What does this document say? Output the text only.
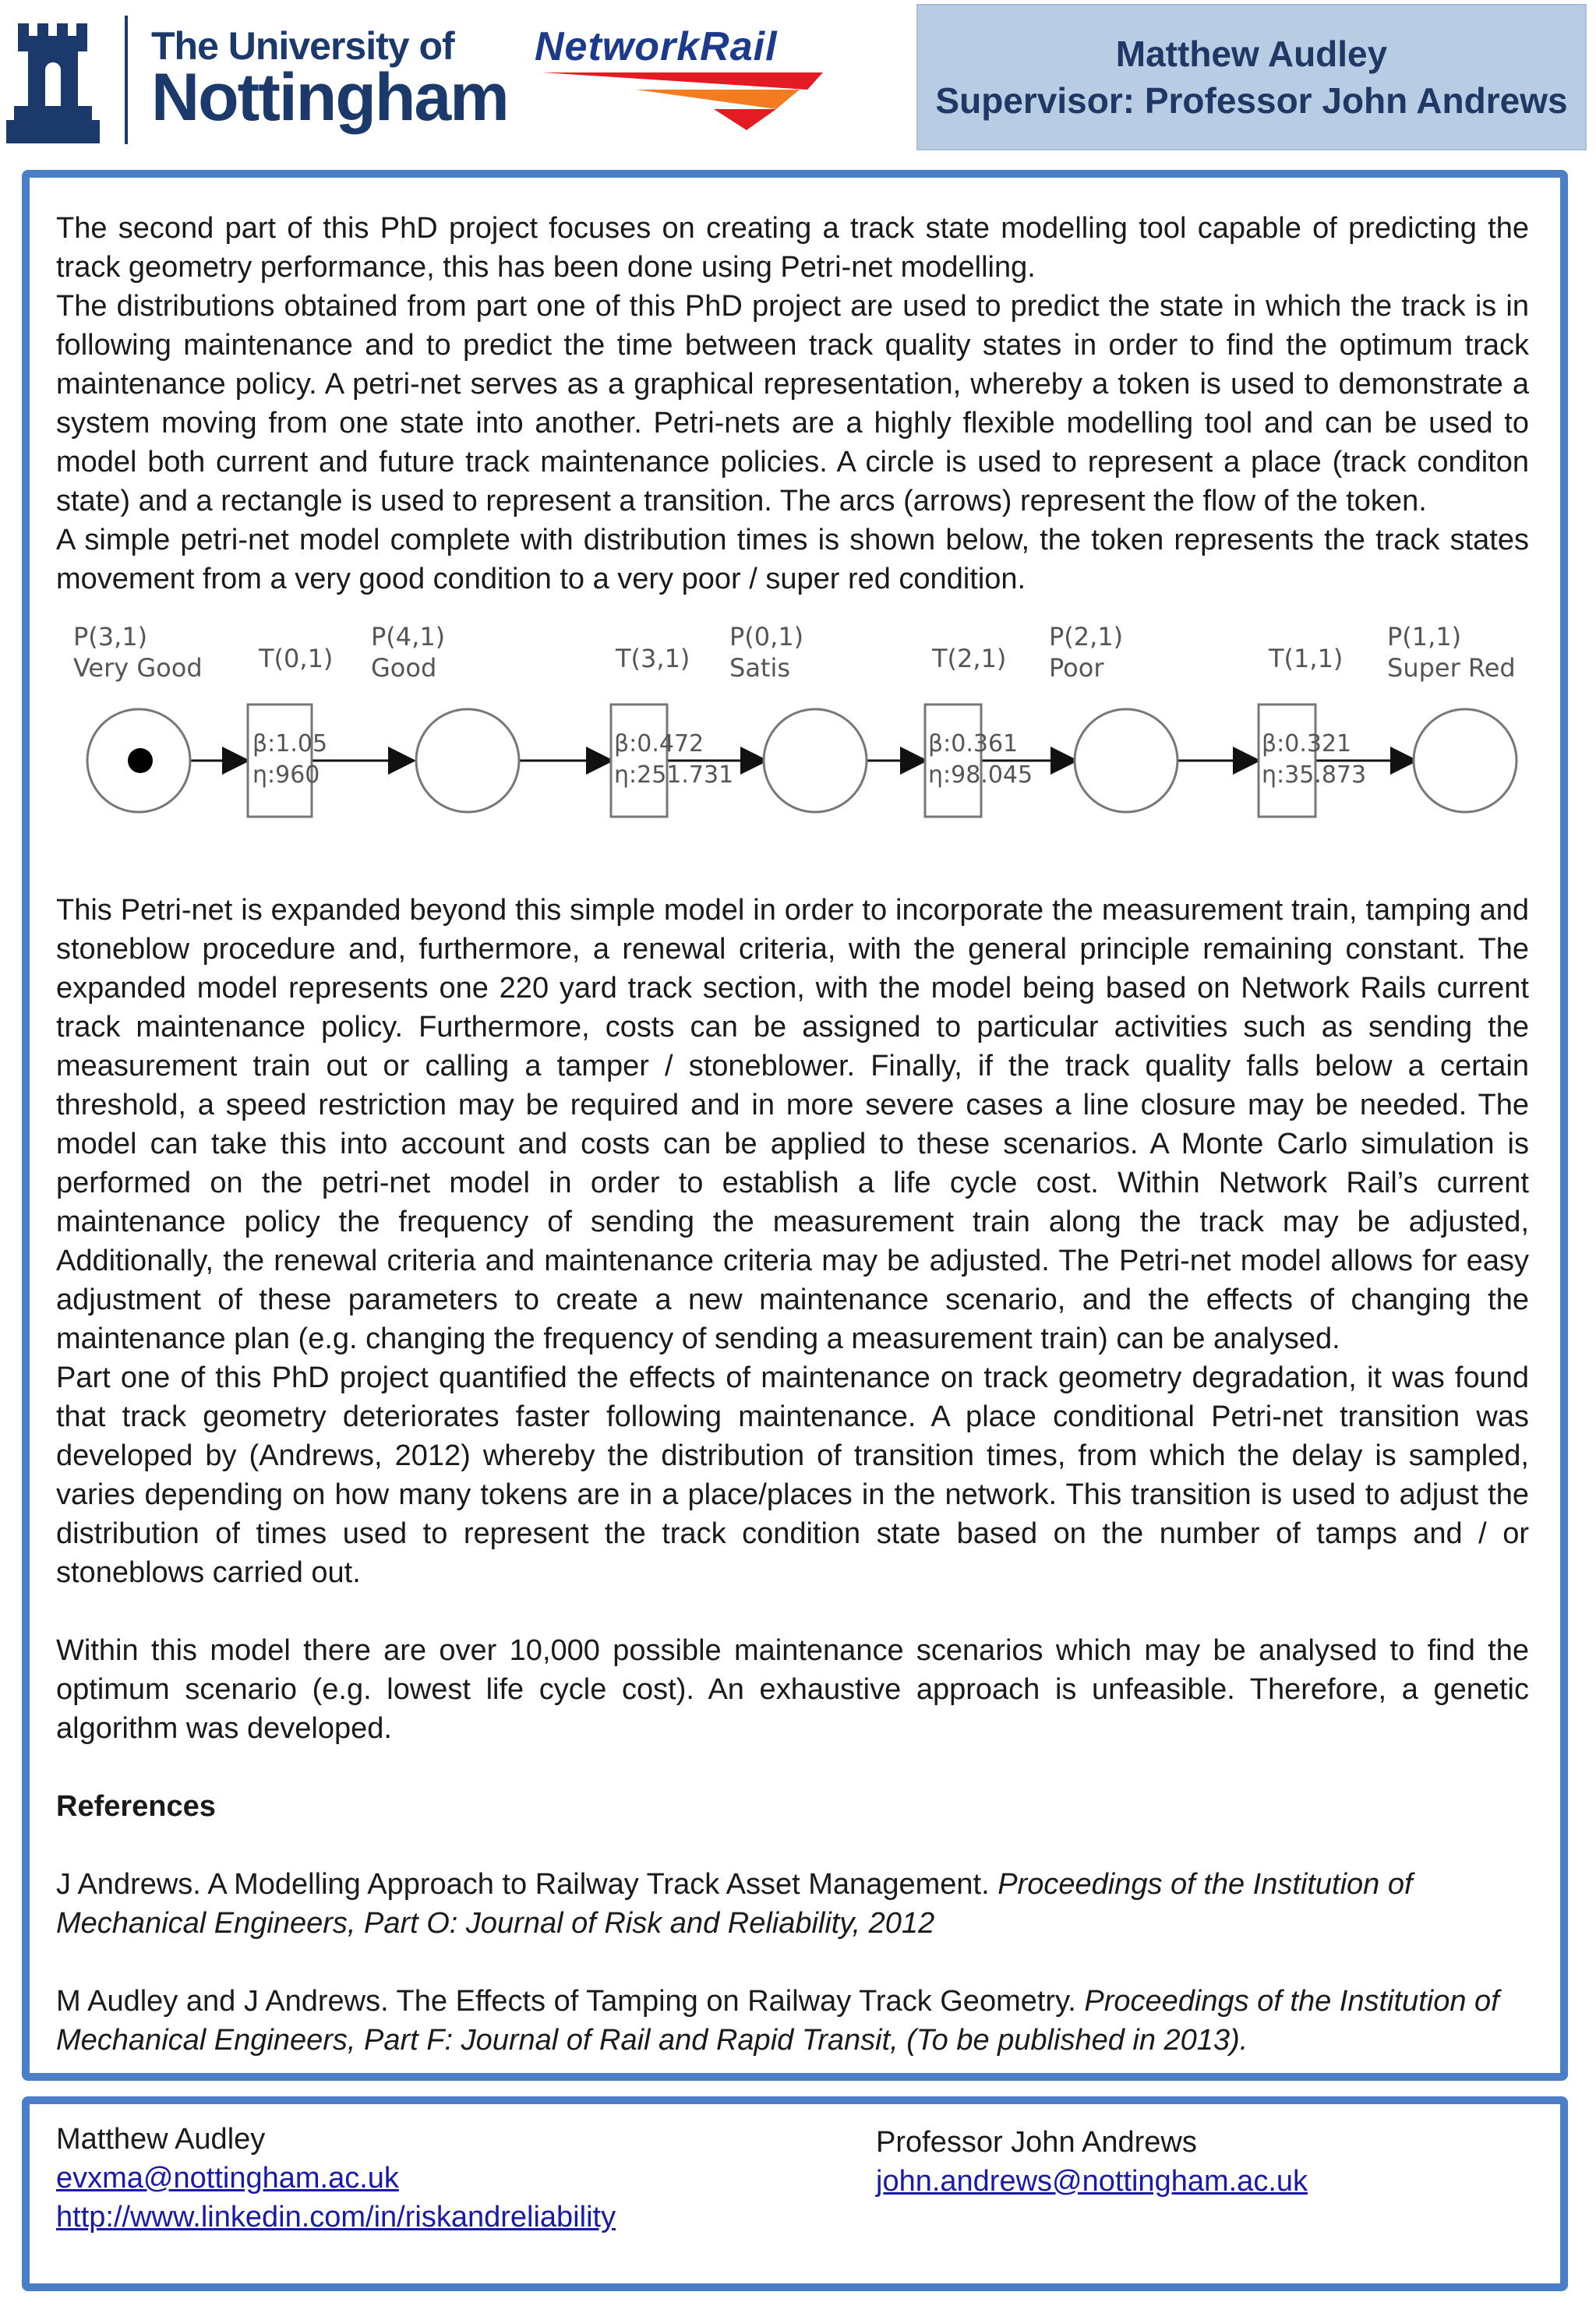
The University of
Nottingham
NetworkRail	Matthew Audley
Supervisor: Professor John Andrews

The second part of this PhD project focuses on creating a track state modelling tool capable of predicting the track geometry performance, this has been done using Petri-net modelling.

The distributions obtained from part one of this PhD project are used to predict the state in which the track is in following maintenance and to predict the time between track quality states in order to find the optimum track maintenance policy. A petri-net serves as a graphical representation, whereby a token is used to demonstrate a system moving from one state into another. Petri-nets are a highly flexible modelling tool and can be used to model both current and future track maintenance policies. A circle is used to represent a place (track conditon state) and a rectangle is used to represent a transition. The arcs (arrows) represent the flow of the token.

A simple petri-net model complete with distribution times is shown below, the token represents the track states movement from a very good condition to a very poor / super red condition.

P(3,1)
Very Good
P(4,1)
Good
P(0,1)
Satis
P(2,1)
Poor
P(1,1)
Super Red
T(0,1)	T(3,1)	T(2,1)	T(1,1)
β:1.05
η:960
β:0.472
η:251.731
β:0.361
η:98.045
β:0.321
η:35.873

This Petri-net is expanded beyond this simple model in order to incorporate the measurement train, tamping and stoneblow procedure and, furthermore, a renewal criteria, with the general principle remaining constant. The expanded model represents one 220 yard track section, with the model being based on Network Rails current track maintenance policy. Furthermore, costs can be assigned to particular activities such as sending the measurement train out or calling a tamper / stoneblower. Finally, if the track quality falls below a certain threshold, a speed restriction may be required and in more severe cases a line closure may be needed. The model can take this into account and costs can be applied to these scenarios. A Monte Carlo simulation is performed on the petri-net model in order to establish a life cycle cost. Within Network Rail’s current maintenance policy the frequency of sending the measurement train along the track may be adjusted, Additionally, the renewal criteria and maintenance criteria may be adjusted. The Petri-net model allows for easy adjustment of these parameters to create a new maintenance scenario, and the effects of changing the maintenance plan (e.g. changing the frequency of sending a measurement train) can be analysed.

Part one of this PhD project quantified the effects of maintenance on track geometry degradation, it was found that track geometry deteriorates faster following maintenance. A place conditional Petri-net transition was developed by (Andrews, 2012) whereby the distribution of transition times, from which the delay is sampled, varies depending on how many tokens are in a place/places in the network. This transition is used to adjust the distribution of times used to represent the track condition state based on the number of tamps and / or stoneblows carried out.

Within this model there are over 10,000 possible maintenance scenarios which may be analysed to find the optimum scenario (e.g. lowest life cycle cost). An exhaustive approach is unfeasible. Therefore, a genetic algorithm was developed.

References

J Andrews. A Modelling Approach to Railway Track Asset Management. Proceedings of the Institution of Mechanical Engineers, Part O: Journal of Risk and Reliability, 2012

M Audley and J Andrews. The Effects of Tamping on Railway Track Geometry. Proceedings of the Institution of Mechanical Engineers, Part F: Journal of Rail and Rapid Transit, (To be published in 2013).

Matthew Audley
evxma@nottingham.ac.uk
http://www.linkedin.com/in/riskandreliability
Professor John Andrews
john.andrews@nottingham.ac.uk
